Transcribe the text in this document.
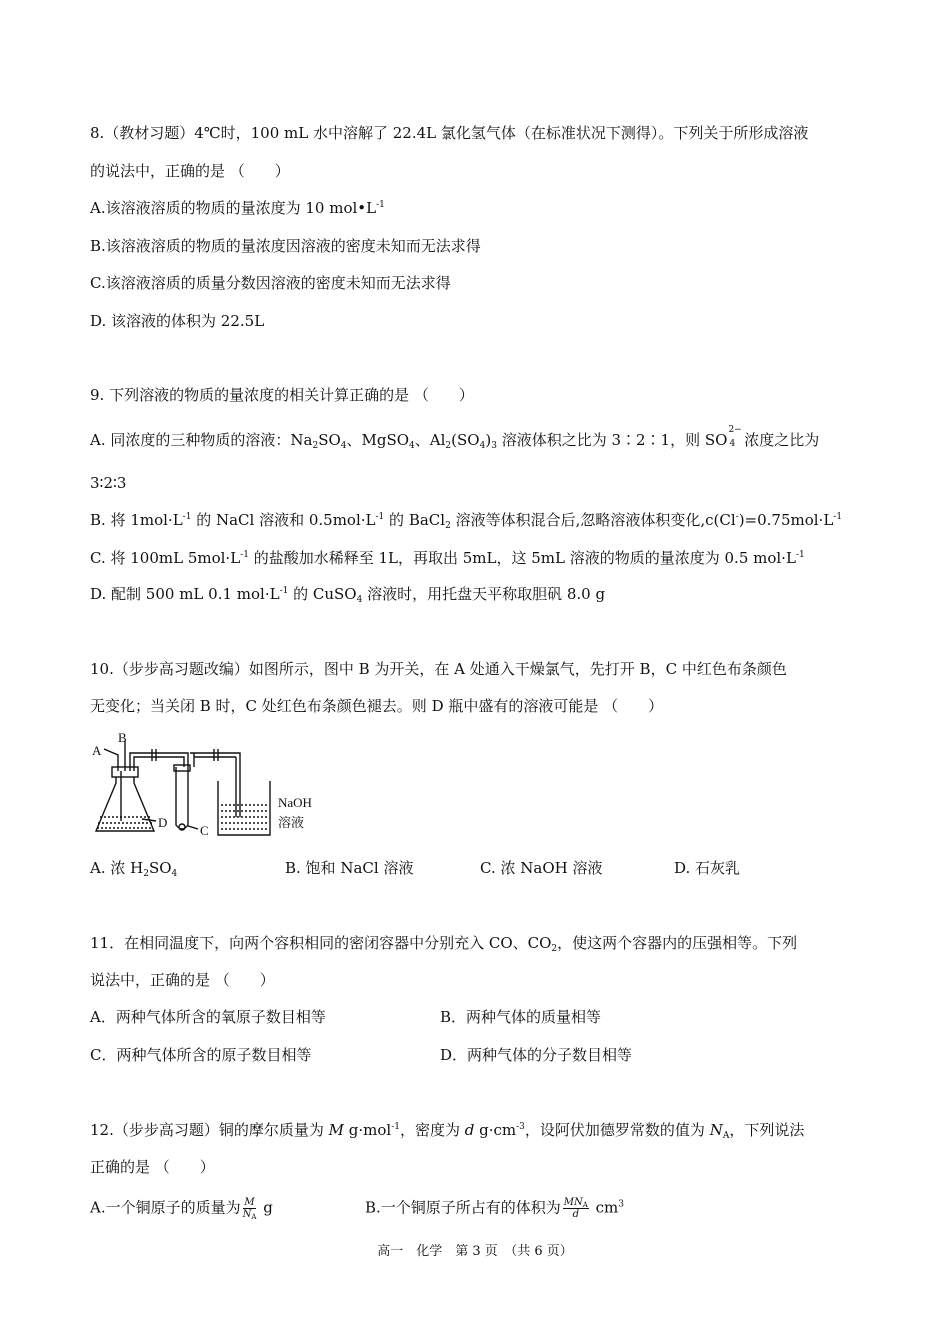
8.（教材习题）4℃时，100 mL 水中溶解了 22.4L 氯化氢气体（在标准状况下测得）。下列关于所形成溶液
的说法中，正确的是 （　　）
A.该溶液溶质的物质的量浓度为 10 $mol•L^{-1}$
B.该溶液溶质的物质的量浓度因溶液的密度未知而无法求得
C.该溶液溶质的质量分数因溶液的密度未知而无法求得
D. 该溶液的体积为 22.5L
9. 下列溶液的物质的量浓度的相关计算正确的是 （　　）
A. 同浓度的三种物质的溶液：$Na_2SO_4$、MgSO$_4$、$Al_2(SO_4)_3$ 溶液体积之比为 3∶2∶1，则 SO
2−
4 浓度之比为
3∶2∶3
B. 将 $1mol\cdot L^{-1}$ 的 NaCl 溶液和 $0.5mol\cdot L^{-1}$ 的 BaCl$_2$ 溶液等体积混合后,忽略溶液体积变化$,c(Cl^-)=0.75mol\cdot L^{-1}$
C. 将 100mL $5mol\cdot L^{-1}$ 的盐酸加水稀释至 1L，再取出 5mL，这 5mL 溶液的物质的量浓度为 0.5 $mol\cdot L^{-1}$
D. 配制 500 mL 0.1 $mol\cdot L^{-1}$ 的 CuSO$_4$ 溶液时，用托盘天平称取胆矾 8.0 g
10.（步步高习题改编）如图所示，图中 B 为开关，在 A 处通入干燥氯气，先打开 B，C 中红色布条颜色
无变化；当关闭 B 时，C 处红色布条颜色褪去。则 D 瓶中盛有的溶液可能是 （　　）
A
B
D
C
NaOH
溶液
A. 浓 $H_2SO_4$	B. 饱和 NaCl 溶液	C. 浓 NaOH 溶液	D. 石灰乳
11．在相同温度下，向两个容积相同的密闭容器中分别充入 CO、$CO_2$，使这两个容器内的压强相等。下列
说法中，正确的是 （　　）
A．两种气体所含的氧原子数目相等	B．两种气体的质量相等
C．两种气体所含的原子数目相等	D．两种气体的分子数目相等
12.（步步高习题）铜的摩尔质量为 M g·mol$^{-1}$，密度为 d $g\cdot cm^{-3}$，设阿伏加德罗常数的值为 $N_A$，下列说法
正确的是 （　　）
A.一个铜原子的质量为 $\frac{M}{N_A}$ g	B.一个铜原子所占有的体积为 $\frac{MN_A}{d} cm^3$
高一　化学　第 3 页　（共 6 页）
